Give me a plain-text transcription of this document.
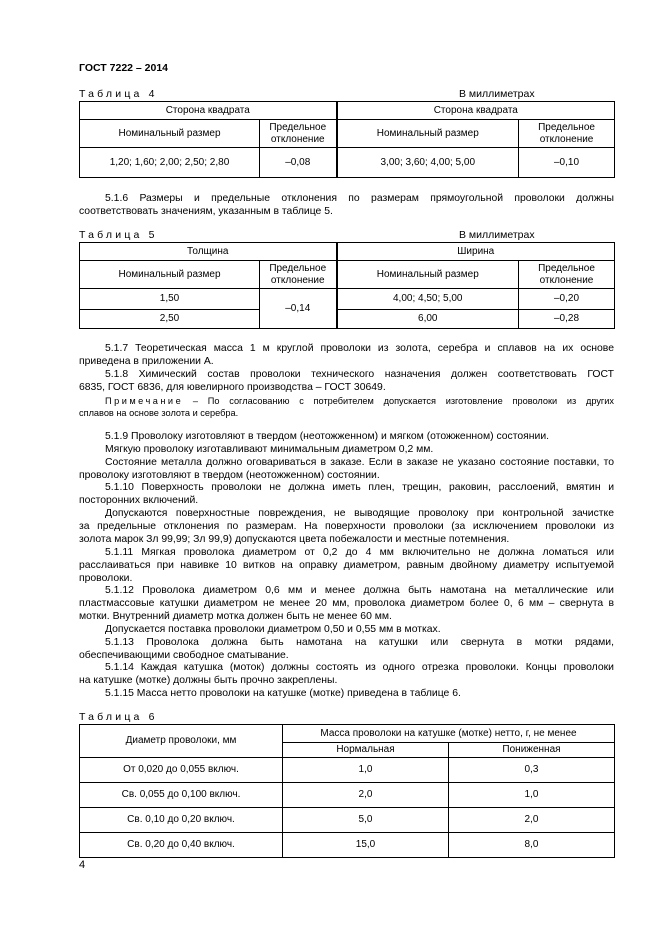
ГОСТ 7222 – 2014
Таблица 4	В миллиметрах
Сторона квадрата		Сторона квадрата	
Номинальный размер	Предельное отклонение	Номинальный размер	Предельное отклонение
1,20; 1,60; 2,00; 2,50; 2,80	–0,08	3,00; 3,60; 4,00; 5,00	–0,10
5.1.6 Размеры и предельные отклонения по размерам прямоугольной проволоки должны
соответствовать значениям, указанным в таблице 5.
Таблица 5	В миллиметрах
Толщина		Ширина	
Номинальный размер	Предельное отклонение	Номинальный размер	Предельное отклонение
1,50	–0,14	4,00; 4,50; 5,00	–0,20
2,50		6,00	–0,28
5.1.7 Теоретическая масса 1 м круглой проволоки из золота, серебра и сплавов на их основе
приведена в приложении А.
5.1.8 Химический состав проволоки технического назначения должен соответствовать ГОСТ
6835, ГОСТ 6836, для ювелирного производства – ГОСТ 30649.
Примечание – По согласованию с потребителем допускается изготовление проволоки из других
сплавов на основе золота и серебра.
5.1.9 Проволоку изготовляют в твердом (неотожженном) и мягком (отожженном) состоянии.
Мягкую проволоку изготавливают минимальным диаметром 0,2 мм.
Состояние металла должно оговариваться в заказе. Если в заказе не указано состояние поставки, то
проволоку изготовляют в твердом (неотожженном) состоянии.
5.1.10 Поверхность проволоки не должна иметь плен, трещин, раковин, расслоений, вмятин и
посторонних включений.
Допускаются поверхностные повреждения, не выводящие проволоку при контрольной зачистке
за предельные отклонения по размерам. На поверхности проволоки (за исключением проволоки из
золота марок Зл 99,99; Зл 99,9) допускаются цвета побежалости и местные потемнения.
5.1.11 Мягкая проволока диаметром от 0,2 до 4 мм включительно не должна ломаться или
расслаиваться при навивке 10 витков на оправку диаметром, равным двойному диаметру испытуемой
проволоки.
5.1.12 Проволока диаметром 0,6 мм и менее должна быть намотана на металлические или
пластмассовые катушки диаметром не менее 20 мм, проволока диаметром более 0, 6 мм – свернута в
мотки. Внутренний диаметр мотка должен быть не менее 60 мм.
Допускается поставка проволоки диаметром 0,50 и 0,55 мм в мотках.
5.1.13 Проволока должна быть намотана на катушки или свернута в мотки рядами,
обеспечивающими свободное сматывание.
5.1.14 Каждая катушка (моток) должны состоять из одного отрезка проволоки. Концы проволоки
на катушке (мотке) должны быть прочно закреплены.
5.1.15 Масса нетто проволоки на катушке (мотке) приведена в таблице 6.
Таблица 6
Диаметр проволоки, мм	Масса проволоки на катушке (мотке) нетто, г, не менее	
	Нормальная	Пониженная
От 0,020 до 0,055 включ.	1,0	0,3
Св. 0,055 до 0,100 включ.	2,0	1,0
Св. 0,10 до 0,20 включ.	5,0	2,0
Св. 0,20 до 0,40 включ.	15,0	8,0
4
